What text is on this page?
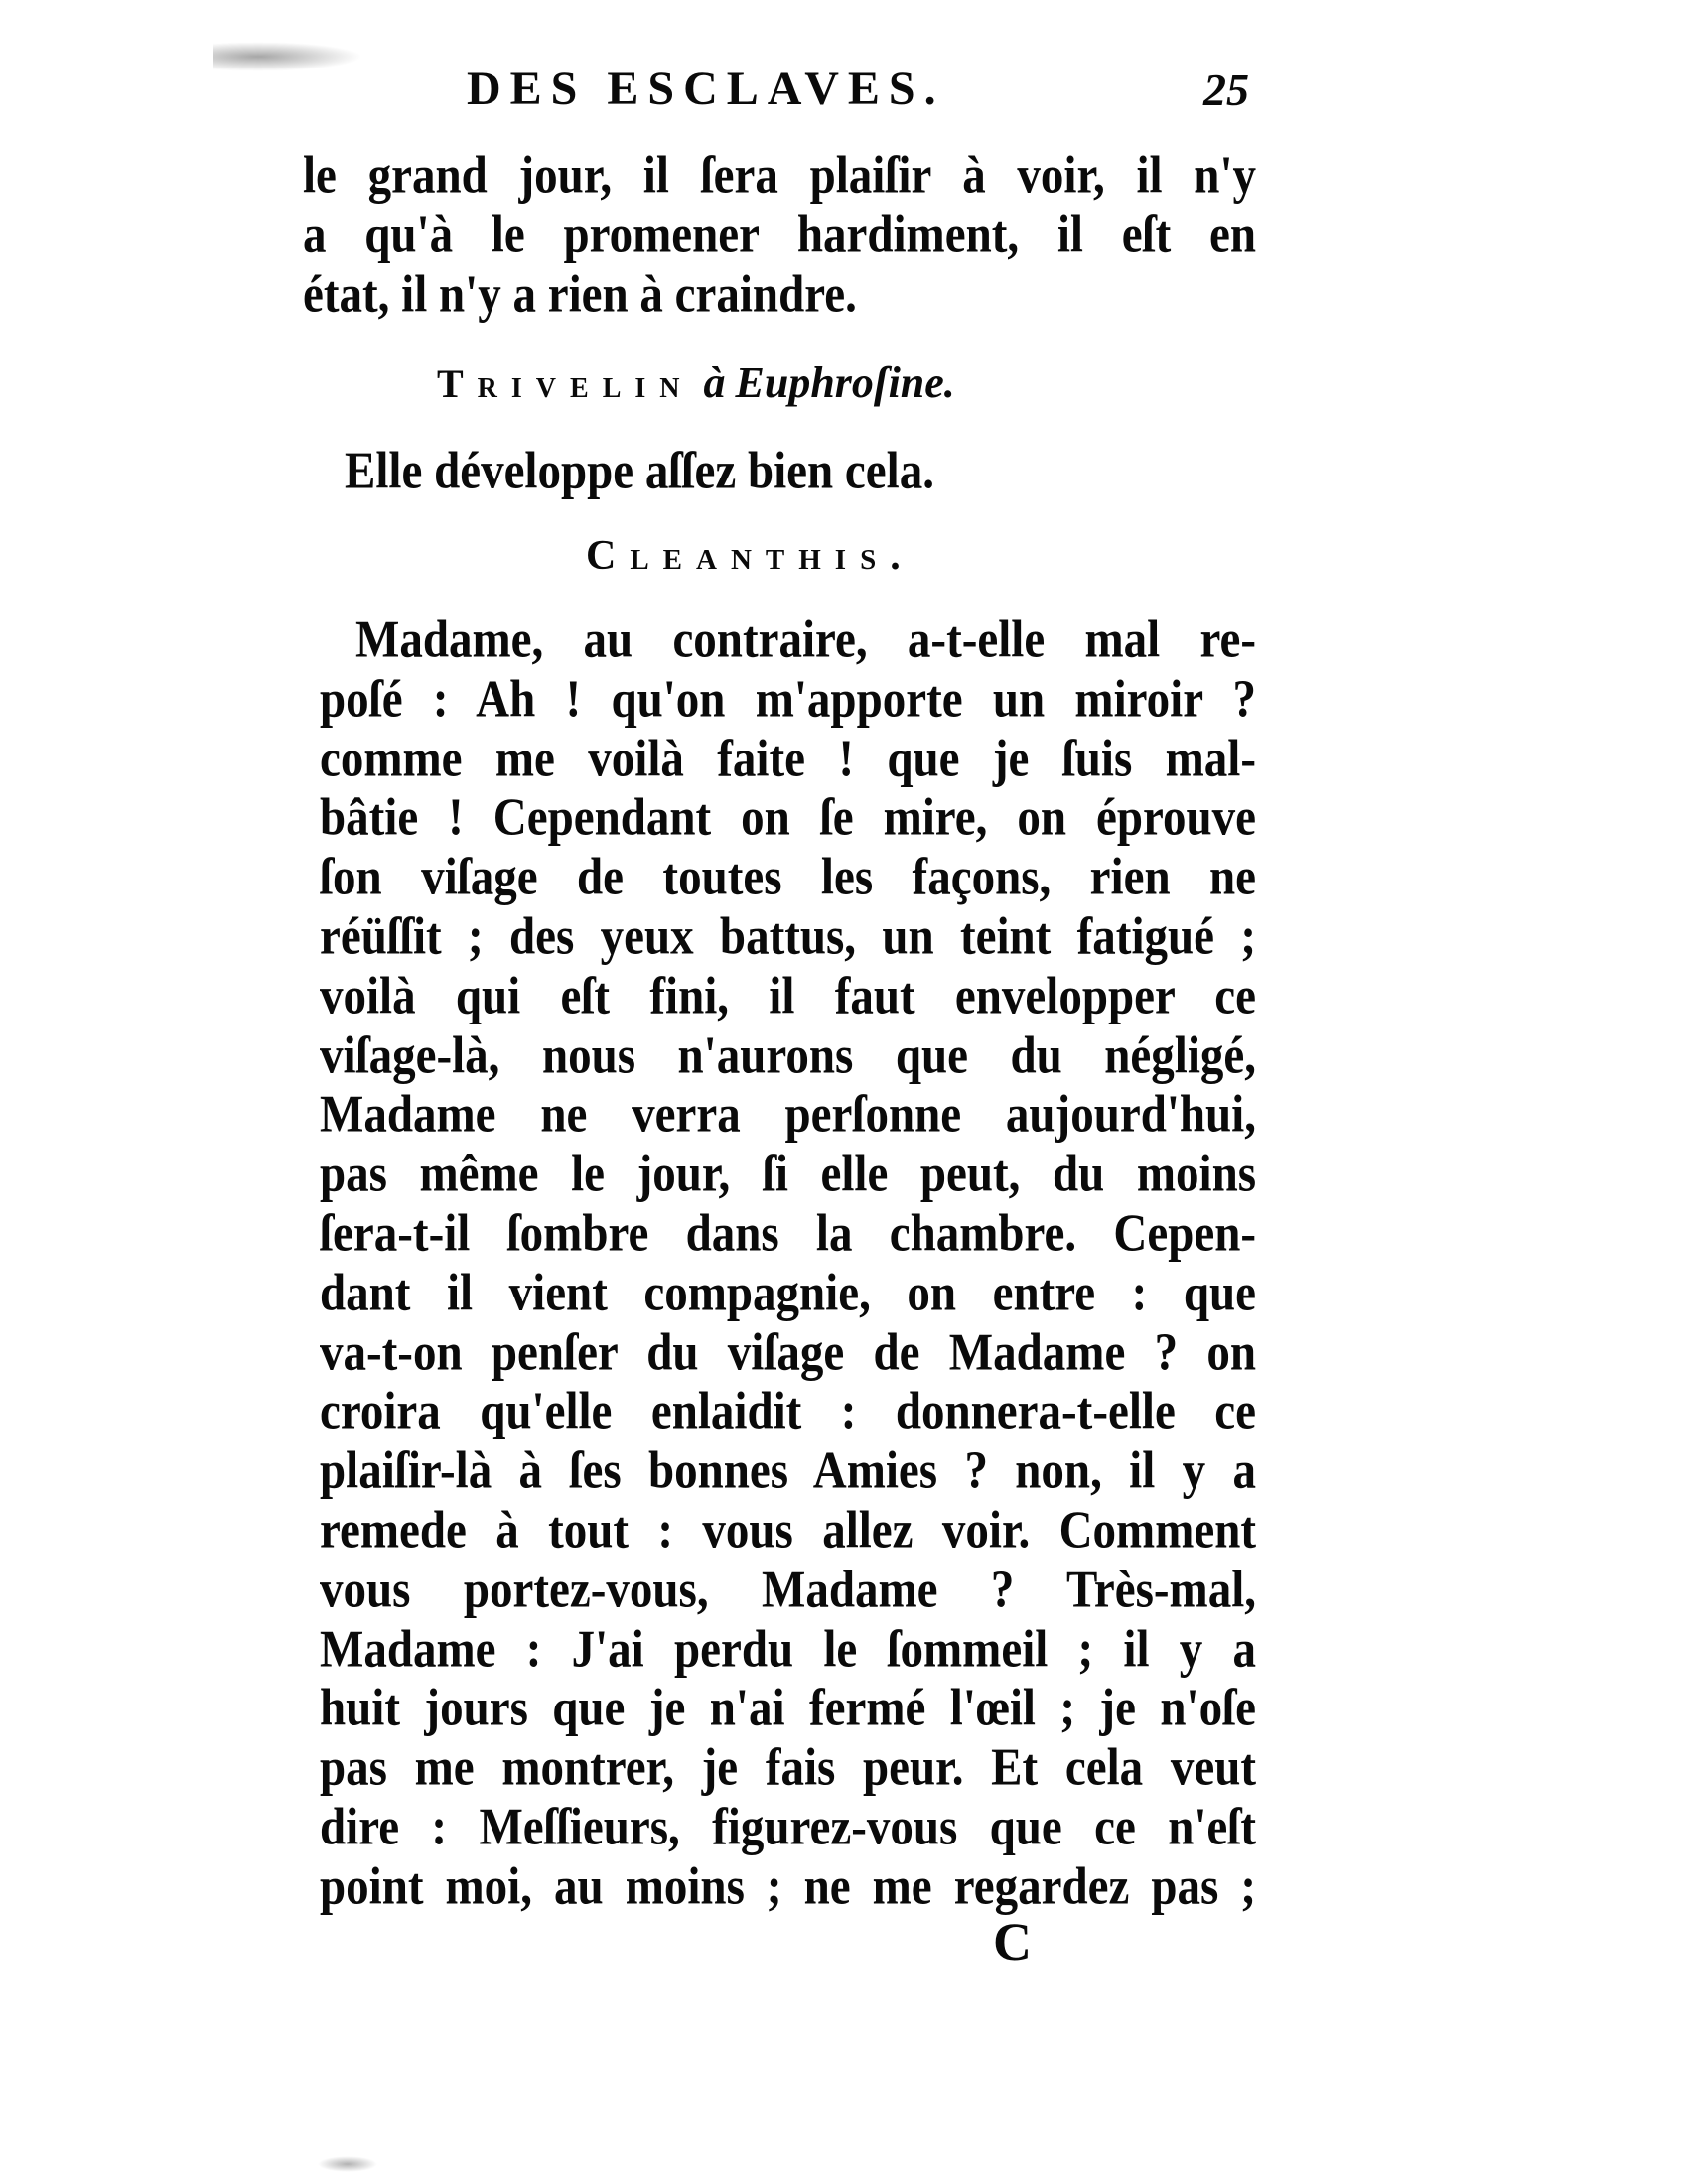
DES ESCLAVES.	25
le grand jour, il ſera plaiſir à voir, il n'y
a qu'à le promener hardiment, il eſt en
état, il n'y a rien à craindre.
Trivelin à Euphroſine.
Elle développe aſſez bien cela.
Cleanthis.
Madame, au contraire, a-t-elle mal re-
poſé : Ah ! qu'on m'apporte un miroir ?
comme me voilà faite ! que je ſuis mal-
bâtie ! Cependant on ſe mire, on éprouve
ſon viſage de toutes les façons, rien ne
réüſſit ; des yeux battus, un teint fatigué ;
voilà qui eſt fini, il faut envelopper ce
viſage-là, nous n'aurons que du négligé,
Madame ne verra perſonne aujourd'hui,
pas même le jour, ſi elle peut, du moins
ſera-t-il ſombre dans la chambre. Cepen-
dant il vient compagnie, on entre : que
va-t-on penſer du viſage de Madame ? on
croira qu'elle enlaidit : donnera-t-elle ce
plaiſir-là à ſes bonnes Amies ? non, il y a
remede à tout : vous allez voir. Comment
vous portez-vous, Madame ? Très-mal,
Madame : J'ai perdu le ſommeil ; il y a
huit jours que je n'ai fermé l'œil ; je n'oſe
pas me montrer, je fais peur. Et cela veut
dire : Meſſieurs, figurez-vous que ce n'eſt
point moi, au moins ; ne me regardez pas ;
C
